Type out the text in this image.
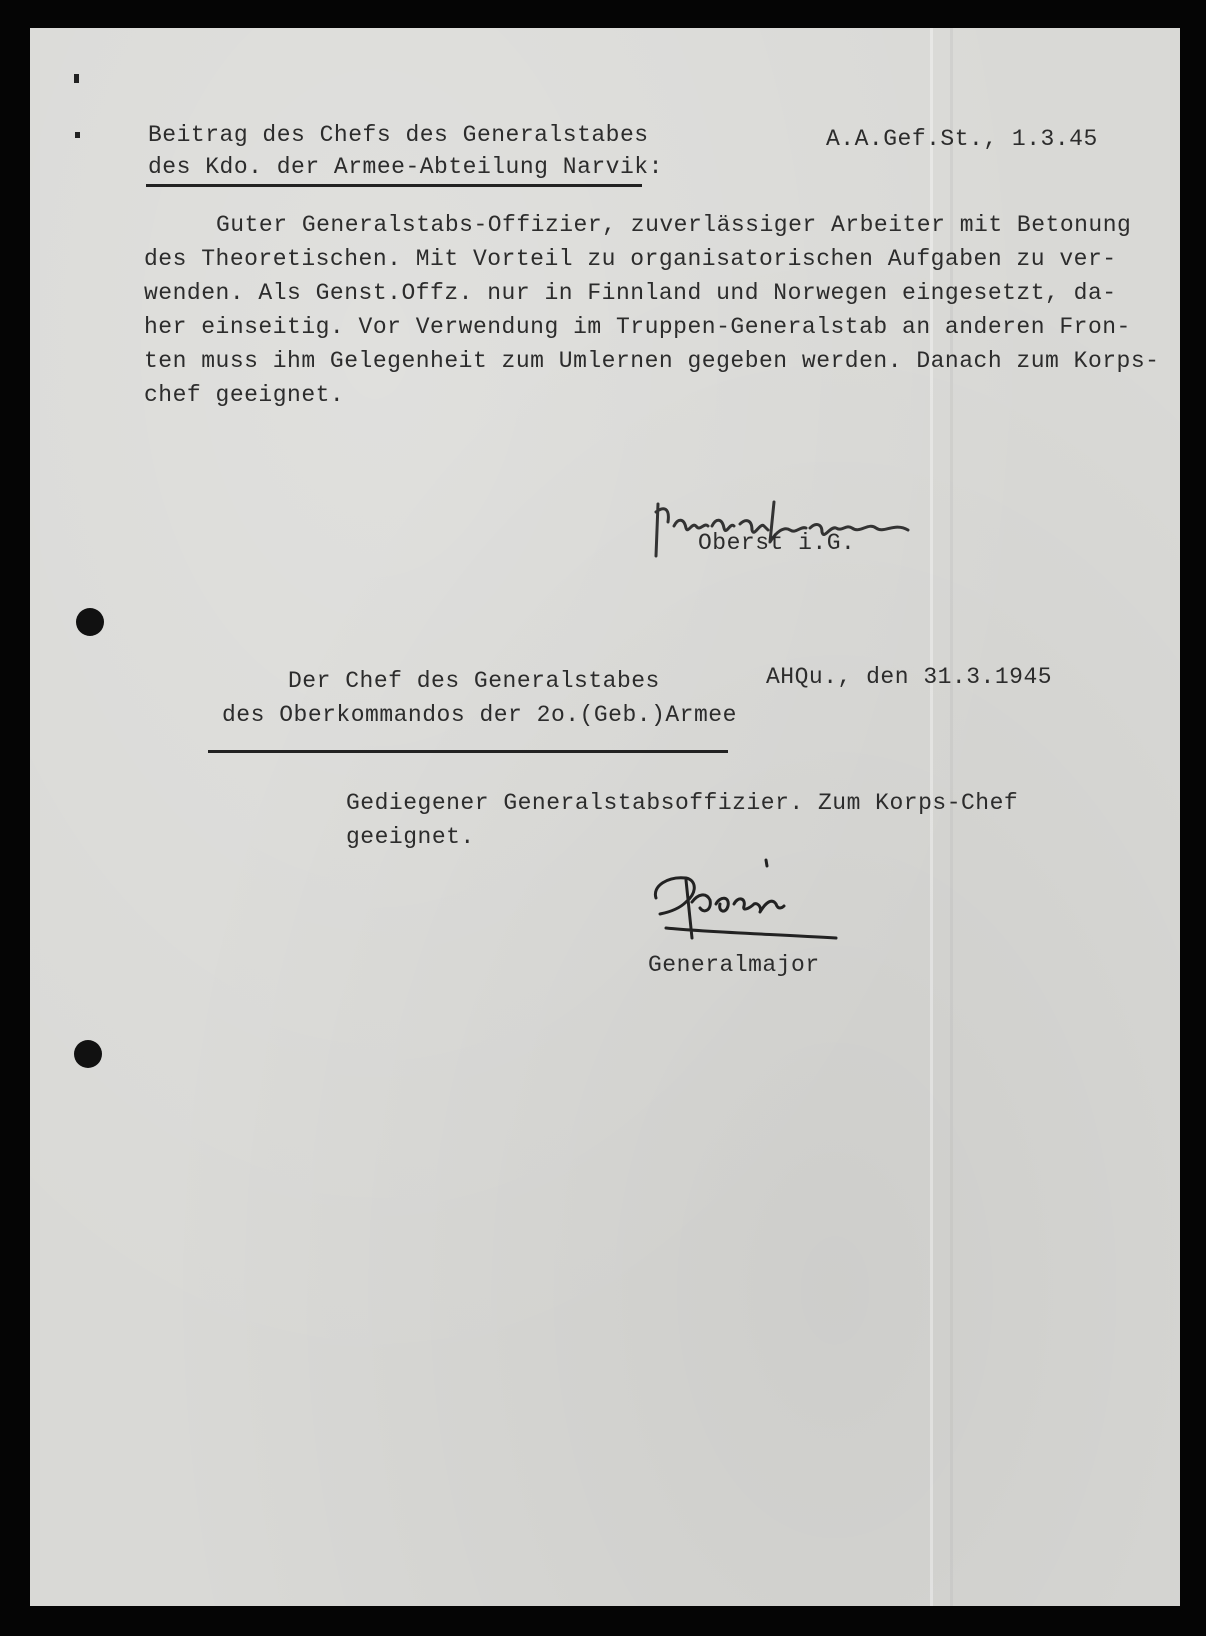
Beitrag des Chefs des Generalstabes
des Kdo. der Armee-Abteilung Narvik:
A.A.Gef.St., 1.3.45
Guter Generalstabs-Offizier, zuverlässiger Arbeiter mit Betonung
des Theoretischen. Mit Vorteil zu organisatorischen Aufgaben zu ver-
wenden. Als Genst.Offz. nur in Finnland und Norwegen eingesetzt, da-
her einseitig. Vor Verwendung im Truppen-Generalstab an anderen Fron-
ten muss ihm Gelegenheit zum Umlernen gegeben werden. Danach zum Korps-
chef geeignet.
Oberst i.G.
Der Chef des Generalstabes
des Oberkommandos der 2o.(Geb.)Armee
AHQu., den 31.3.1945
Gediegener Generalstabsoffizier. Zum Korps-Chef
geeignet.
Generalmajor
